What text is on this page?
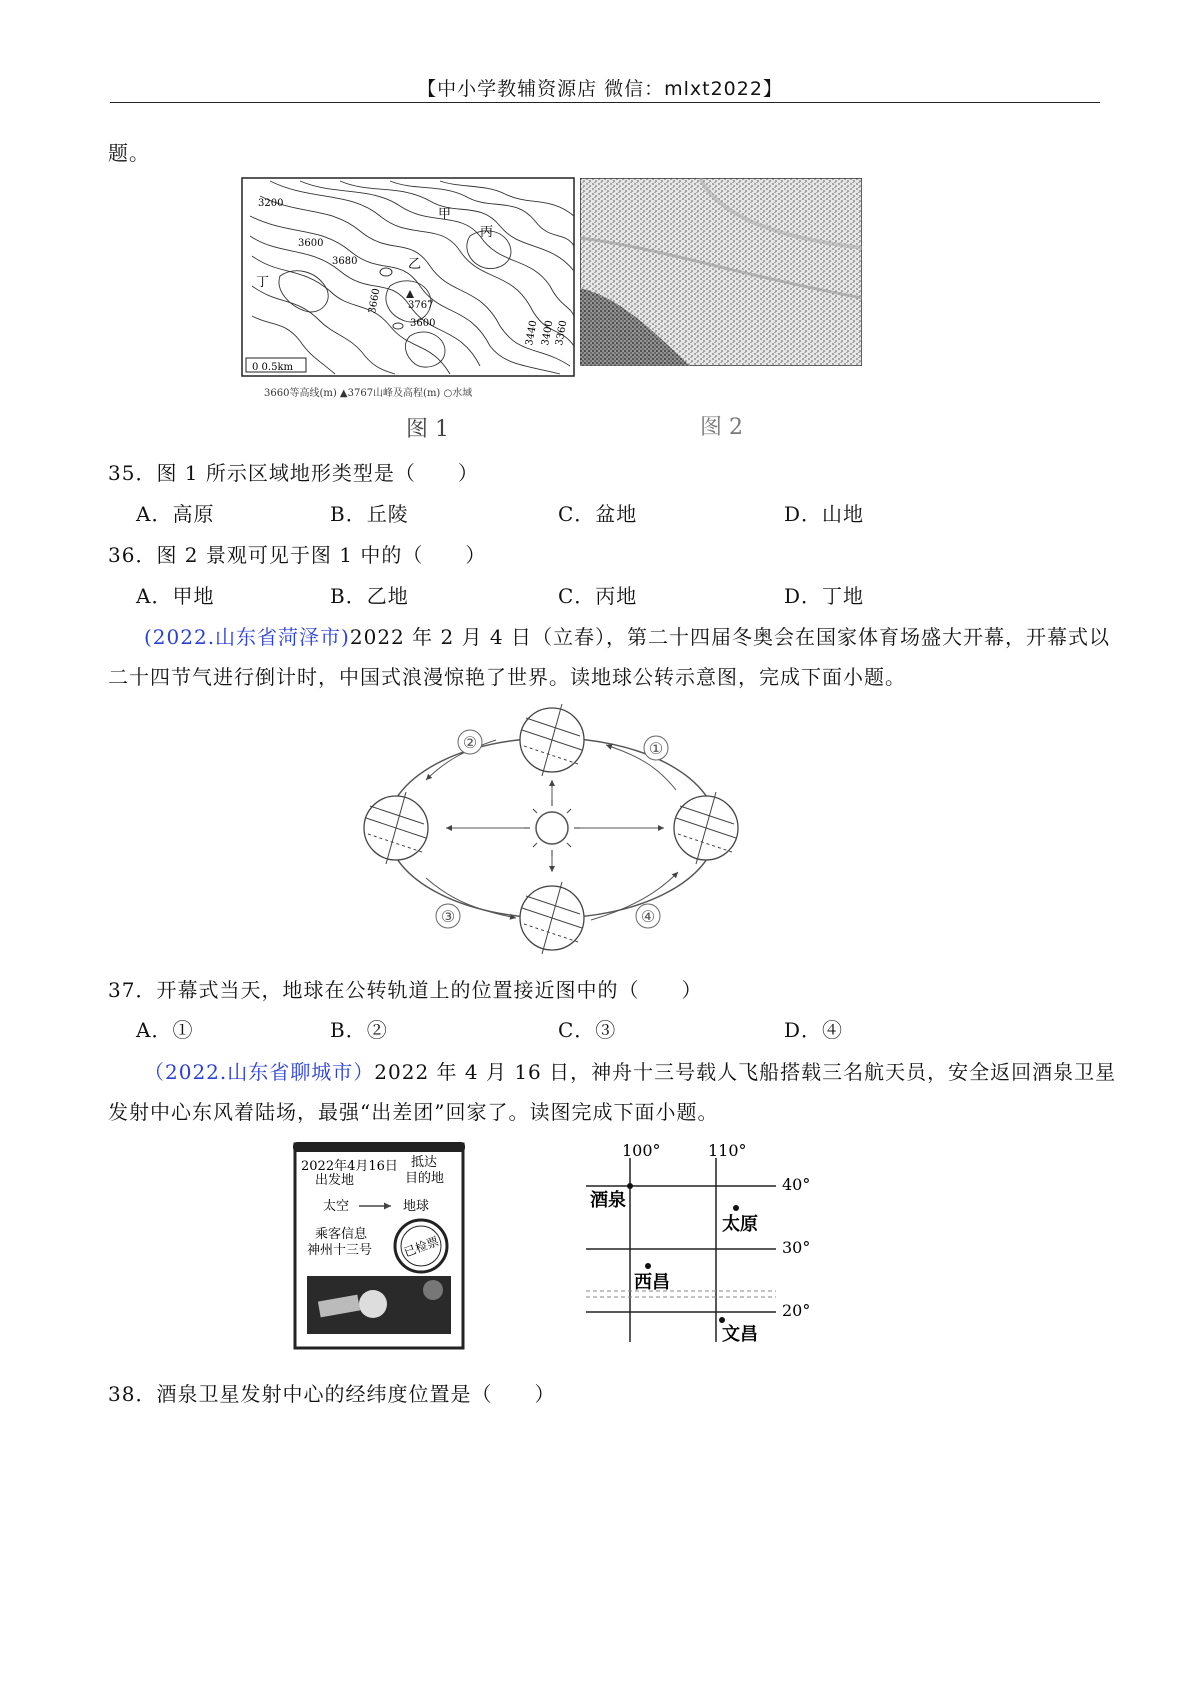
【中小学教辅资源店 微信：mlxt2022】
题。
3200
3600
3680
3660
3600
3767
3440 3400
3360
甲
乙
丙
丁
0 0.5km
3660等高线(m) ▲3767山峰及高程(m) ○水域
图 1	图 2
35．图 1 所示区域地形类型是（　　）
A．高原	B．丘陵	C．盆地	D．山地
36．图 2 景观可见于图 1 中的（　　）
A．甲地	B．乙地	C．丙地	D．丁地
(2022.山东省菏泽市)2022 年 2 月 4 日（立春），第二十四届冬奥会在国家体育场盛大开幕，开幕式以
二十四节气进行倒计时，中国式浪漫惊艳了世界。读地球公转示意图，完成下面小题。
①
②
③	④
37．开幕式当天，地球在公转轨道上的位置接近图中的（　　）
A．①	B．②	C．③	D．④
（2022.山东省聊城市）2022 年 4 月 16 日，神舟十三号载人飞船搭载三名航天员，安全返回酒泉卫星
发射中心东风着陆场，最强“出差团”回家了。读图完成下面小题。
2022年4月16日 抵达
出发地	目的地
太空	地球
乘客信息
神州十三号	已检票
100°	110°
40°
30°
20°
酒泉
太原
西昌
文昌
38．酒泉卫星发射中心的经纬度位置是（　　）
